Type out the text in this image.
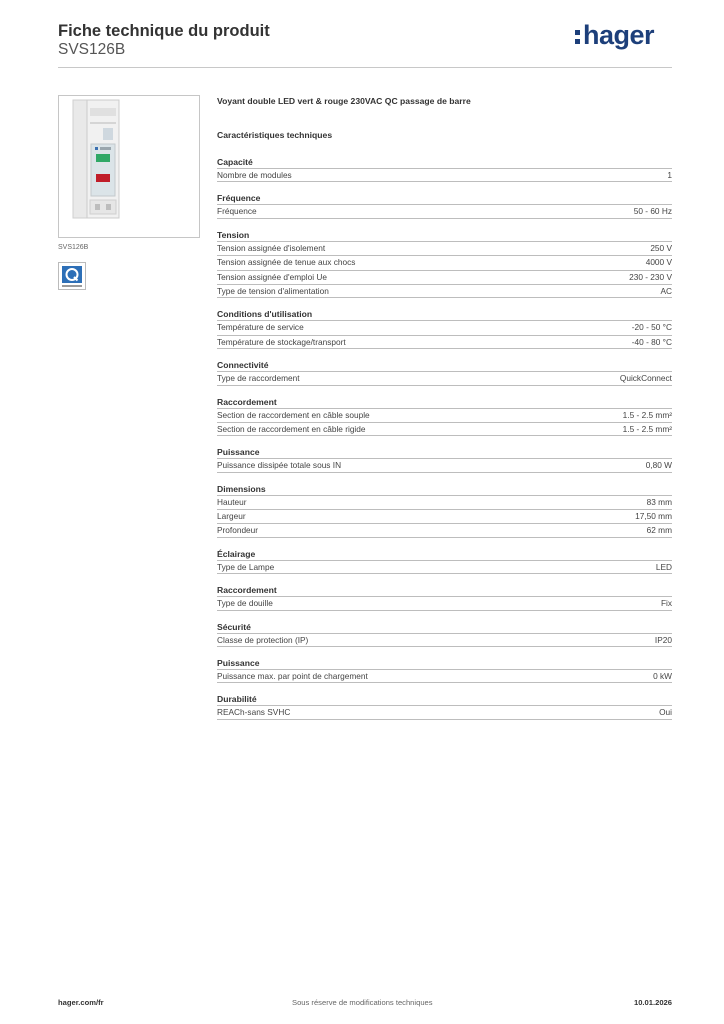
Fiche technique du produit
SVS126B	hager
SVS126B
Voyant double LED vert & rouge 230VAC QC passage de barre
Caractéristiques techniques
Capacité
Nombre de modules	1
Fréquence
Fréquence	50 - 60 Hz
Tension
Tension assignée d'isolement	250 V
Tension assignée de tenue aux chocs	4000 V
Tension assignée d'emploi Ue	230 - 230 V
Type de tension d'alimentation	AC
Conditions d'utilisation
Température de service	-20 - 50 °C
Température de stockage/transport	-40 - 80 °C
Connectivité
Type de raccordement	QuickConnect
Raccordement
Section de raccordement en câble souple	1.5 - 2.5 mm²
Section de raccordement en câble rigide	1.5 - 2.5 mm²
Puissance
Puissance dissipée totale sous IN	0,80 W
Dimensions
Hauteur	83 mm
Largeur	17,50 mm
Profondeur	62 mm
Éclairage
Type de Lampe	LED
Raccordement
Type de douille	Fix
Sécurité
Classe de protection (IP)	IP20
Puissance
Puissance max. par point de chargement	0 kW
Durabilité
REACh-sans SVHC	Oui
hager.com/fr	Sous réserve de modifications techniques	10.01.2026
